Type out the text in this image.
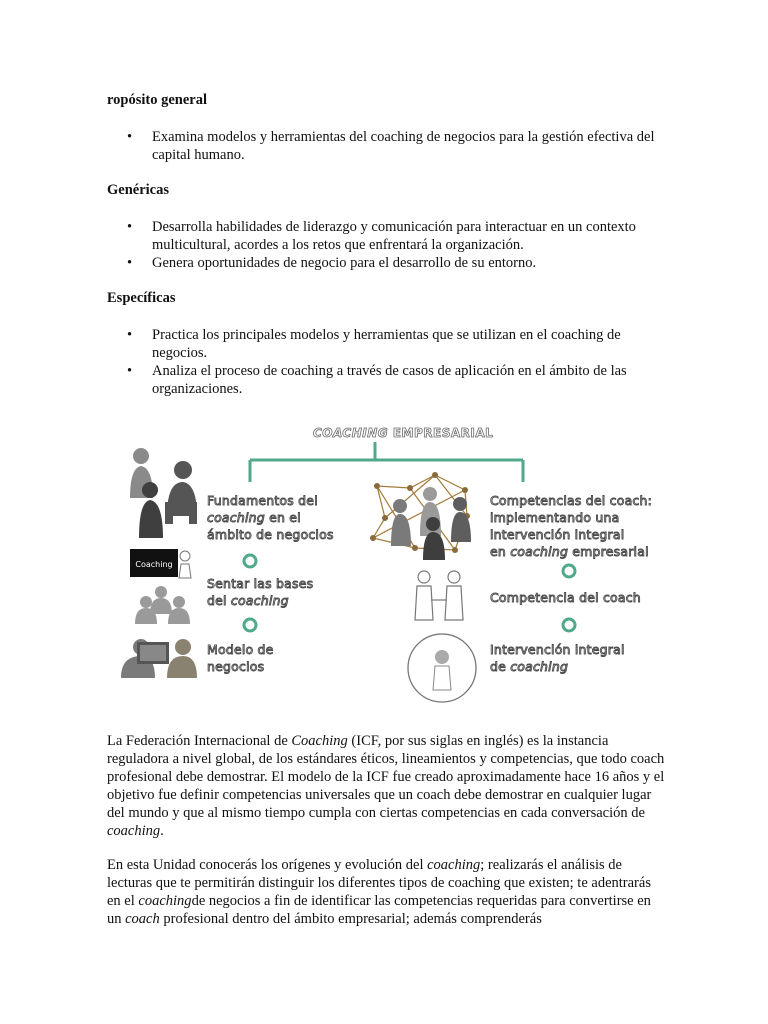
ropósito general
• Examina modelos y herramientas del coaching de negocios para la gestión efectiva del capital humano.
Genéricas
• Desarrolla habilidades de liderazgo y comunicación para interactuar en un contexto multicultural, acordes a los retos que enfrentará la organización.
• Genera oportunidades de negocio para el desarrollo de su entorno.
Específicas
• Practica los principales modelos y herramientas que se utilizan en el coaching de negocios.
• Analiza el proceso de coaching a través de casos de aplicación en el ámbito de las organizaciones.
Coaching
COACHING EMPRESARIAL
Fundamentos del
coaching en el
ámbito de negocios
Sentar las bases
del coaching
Modelo de
negocios
Competencias del coach:
implementando una
intervención integral
en coaching empresarial
Competencia del coach
Intervención integral
de coaching
La Federación Internacional de Coaching (ICF, por sus siglas en inglés) es la instancia reguladora a nivel global, de los estándares éticos, lineamientos y competencias, que todo coach profesional debe demostrar. El modelo de la ICF fue creado aproximadamente hace 16 años y el objetivo fue definir competencias universales que un coach debe demostrar en cualquier lugar del mundo y que al mismo tiempo cumpla con ciertas competencias en cada conversación de coaching.
En esta Unidad conocerás los orígenes y evolución del coaching; realizarás el análisis de lecturas que te permitirán distinguir los diferentes tipos de coaching que existen; te adentrarás en el coachingde negocios a fin de identificar las competencias requeridas para convertirse en un coach profesional dentro del ámbito empresarial; además comprenderás
